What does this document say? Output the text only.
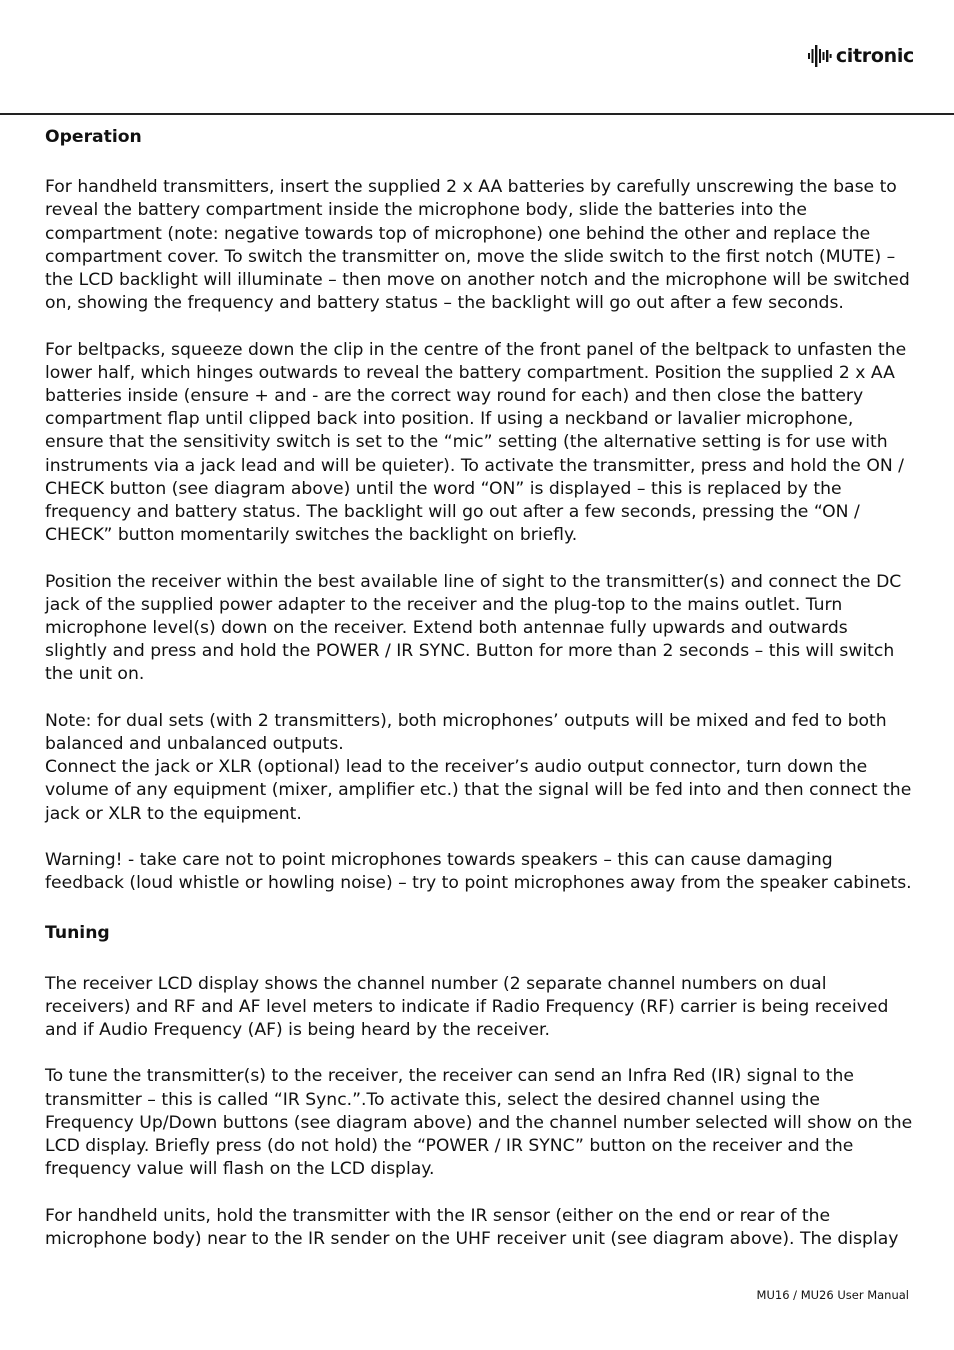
citronic
Operation

For handheld transmitters, insert the supplied 2 x AA batteries by carefully unscrewing the base to reveal the battery compartment inside the microphone body, slide the batteries into the compartment (note: negative towards top of microphone) one behind the other and replace the compartment cover. To switch the transmitter on, move the slide switch to the first notch (MUTE) – the LCD backlight will illuminate – then move on another notch and the microphone will be switched on, showing the frequency and battery status – the backlight will go out after a few seconds.

For beltpacks, squeeze down the clip in the centre of the front panel of the beltpack to unfasten the lower half, which hinges outwards to reveal the battery compartment. Position the supplied 2 x AA batteries inside (ensure + and - are the correct way round for each) and then close the battery compartment flap until clipped back into position. If using a neckband or lavalier microphone, ensure that the sensitivity switch is set to the “mic” setting (the alternative setting is for use with instruments via a jack lead and will be quieter). To activate the transmitter, press and hold the ON / CHECK button (see diagram above) until the word “ON” is displayed – this is replaced by the frequency and battery status. The backlight will go out after a few seconds, pressing the “ON / CHECK” button momentarily switches the backlight on briefly.

Position the receiver within the best available line of sight to the transmitter(s) and connect the DC jack of the supplied power adapter to the receiver and the plug-top to the mains outlet. Turn microphone level(s) down on the receiver. Extend both antennae fully upwards and outwards slightly and press and hold the POWER / IR SYNC. Button for more than 2 seconds – this will switch the unit on.

Note: for dual sets (with 2 transmitters), both microphones’ outputs will be mixed and fed to both balanced and unbalanced outputs.

Connect the jack or XLR (optional) lead to the receiver’s audio output connector, turn down the volume of any equipment (mixer, amplifier etc.) that the signal will be fed into and then connect the jack or XLR to the equipment.

Warning! - take care not to point microphones towards speakers – this can cause damaging feedback (loud whistle or howling noise) – try to point microphones away from the speaker cabinets.

Tuning

The receiver LCD display shows the channel number (2 separate channel numbers on dual receivers) and RF and AF level meters to indicate if Radio Frequency (RF) carrier is being received and if Audio Frequency (AF) is being heard by the receiver.

To tune the transmitter(s) to the receiver, the receiver can send an Infra Red (IR) signal to the transmitter – this is called “IR Sync.”.To activate this, select the desired channel using the Frequency Up/Down buttons (see diagram above) and the channel number selected will show on the LCD display. Briefly press (do not hold) the “POWER / IR SYNC” button on the receiver and the frequency value will flash on the LCD display.

For handheld units, hold the transmitter with the IR sensor (either on the end or rear of the microphone body) near to the IR sender on the UHF receiver unit (see diagram above). The display

MU16 / MU26 User Manual
